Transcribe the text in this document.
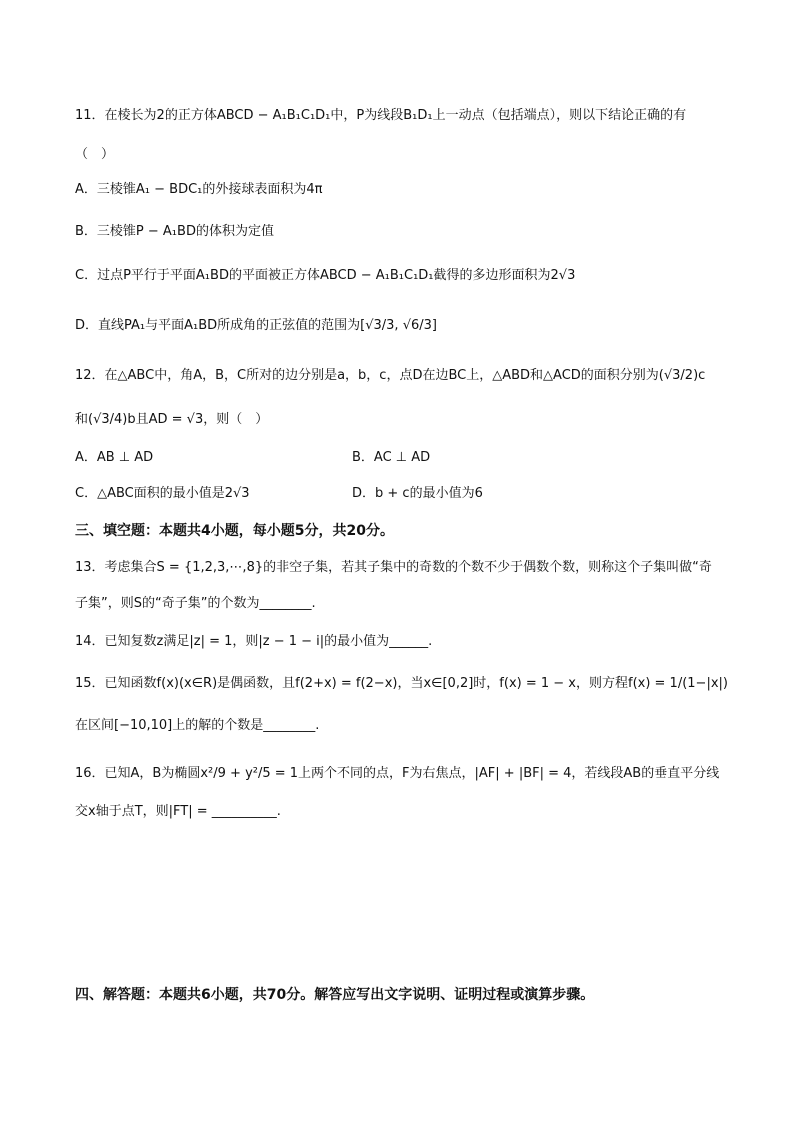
11．在棱长为2的正方体ABCD − A₁B₁C₁D₁中，P为线段B₁D₁上一动点（包括端点），则以下结论正确的有
（　）
A．三棱锥A₁ − BDC₁的外接球表面积为4π
B．三棱锥P − A₁BD的体积为定值
C．过点P平行于平面A₁BD的平面被正方体ABCD − A₁B₁C₁D₁截得的多边形面积为2√3
D．直线PA₁与平面A₁BD所成角的正弦值的范围为[√3/3, √6/3]
12．在△ABC中，角A，B，C所对的边分别是a，b，c，点D在边BC上，△ABD和△ACD的面积分别为(√3/2)c
和(√3/4)b且AD = √3，则（　）
A．AB ⊥ AD	B．AC ⊥ AD
C．△ABC面积的最小值是2√3	D．b + c的最小值为6
三、填空题：本题共4小题，每小题5分，共20分。
13．考虑集合S = {1,2,3,⋯,8}的非空子集，若其子集中的奇数的个数不少于偶数个数，则称这个子集叫做“奇
子集”，则S的“奇子集”的个数为________.
14．已知复数z满足|z| = 1，则|z − 1 − i|的最小值为______.
15．已知函数f(x)(x∈R)是偶函数，且f(2+x) = f(2−x)，当x∈[0,2]时，f(x) = 1 − x，则方程f(x) = 1/(1−|x|)
在区间[−10,10]上的解的个数是________.
16．已知A，B为椭圆x²/9 + y²/5 = 1上两个不同的点，F为右焦点，|AF| + |BF| = 4，若线段AB的垂直平分线
交x轴于点T，则|FT| = __________.
四、解答题：本题共6小题，共70分。解答应写出文字说明、证明过程或演算步骤。
